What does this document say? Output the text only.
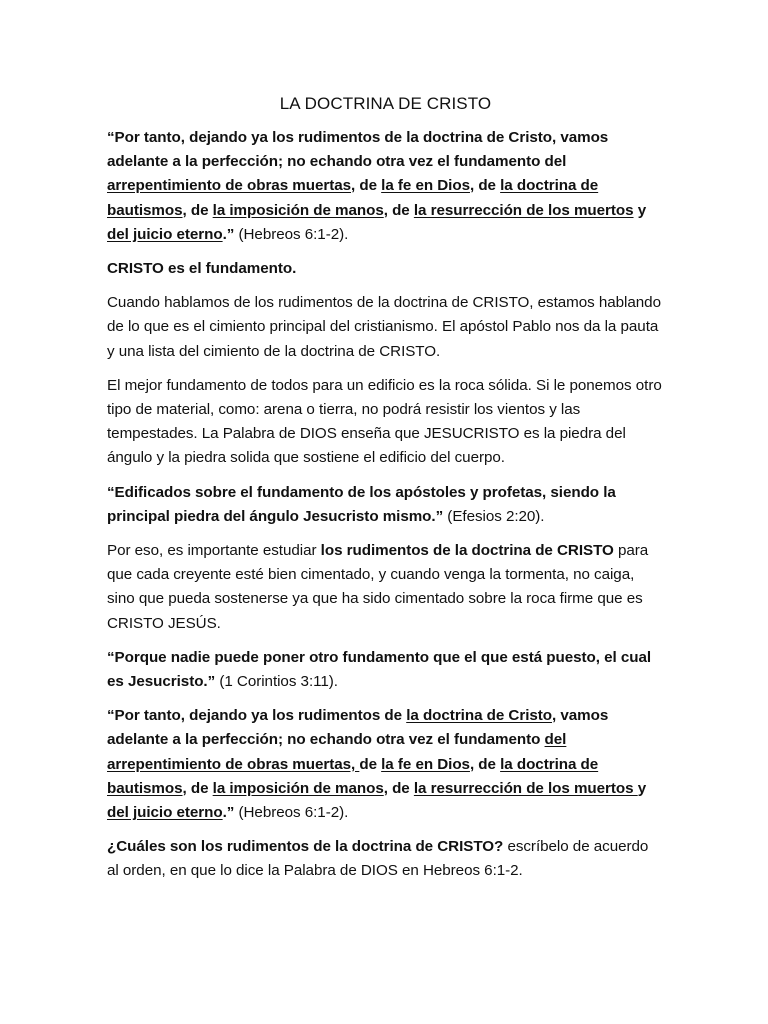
LA DOCTRINA DE CRISTO

“Por tanto, dejando ya los rudimentos de la doctrina de Cristo, vamos adelante a la perfección; no echando otra vez el fundamento del arrepentimiento de obras muertas, de la fe en Dios, de la doctrina de bautismos, de la imposición de manos, de la resurrección de los muertos y del juicio eterno.” (Hebreos 6:1-2).

CRISTO es el fundamento.

Cuando hablamos de los rudimentos de la doctrina de CRISTO, estamos hablando de lo que es el cimiento principal del cristianismo. El apóstol Pablo nos da la pauta y una lista del cimiento de la doctrina de CRISTO.

El mejor fundamento de todos para un edificio es la roca sólida. Si le ponemos otro tipo de material, como: arena o tierra, no podrá resistir los vientos y las tempestades. La Palabra de DIOS enseña que JESUCRISTO es la piedra del ángulo y la piedra solida que sostiene el edificio del cuerpo.

“Edificados sobre el fundamento de los apóstoles y profetas, siendo la principal piedra del ángulo Jesucristo mismo.” (Efesios 2:20).

Por eso, es importante estudiar los rudimentos de la doctrina de CRISTO para que cada creyente esté bien cimentado, y cuando venga la tormenta, no caiga, sino que pueda sostenerse ya que ha sido cimentado sobre la roca firme que es CRISTO JESÚS.

“Porque nadie puede poner otro fundamento que el que está puesto, el cual es Jesucristo.” (1 Corintios 3:11).

“Por tanto, dejando ya los rudimentos de la doctrina de Cristo, vamos adelante a la perfección; no echando otra vez el fundamento del arrepentimiento de obras muertas, de la fe en Dios, de la doctrina de bautismos, de la imposición de manos, de la resurrección de los muertos y del juicio eterno.” (Hebreos 6:1-2).

¿Cuáles son los rudimentos de la doctrina de CRISTO? escríbelo de acuerdo al orden, en que lo dice la Palabra de DIOS en Hebreos 6:1-2.
